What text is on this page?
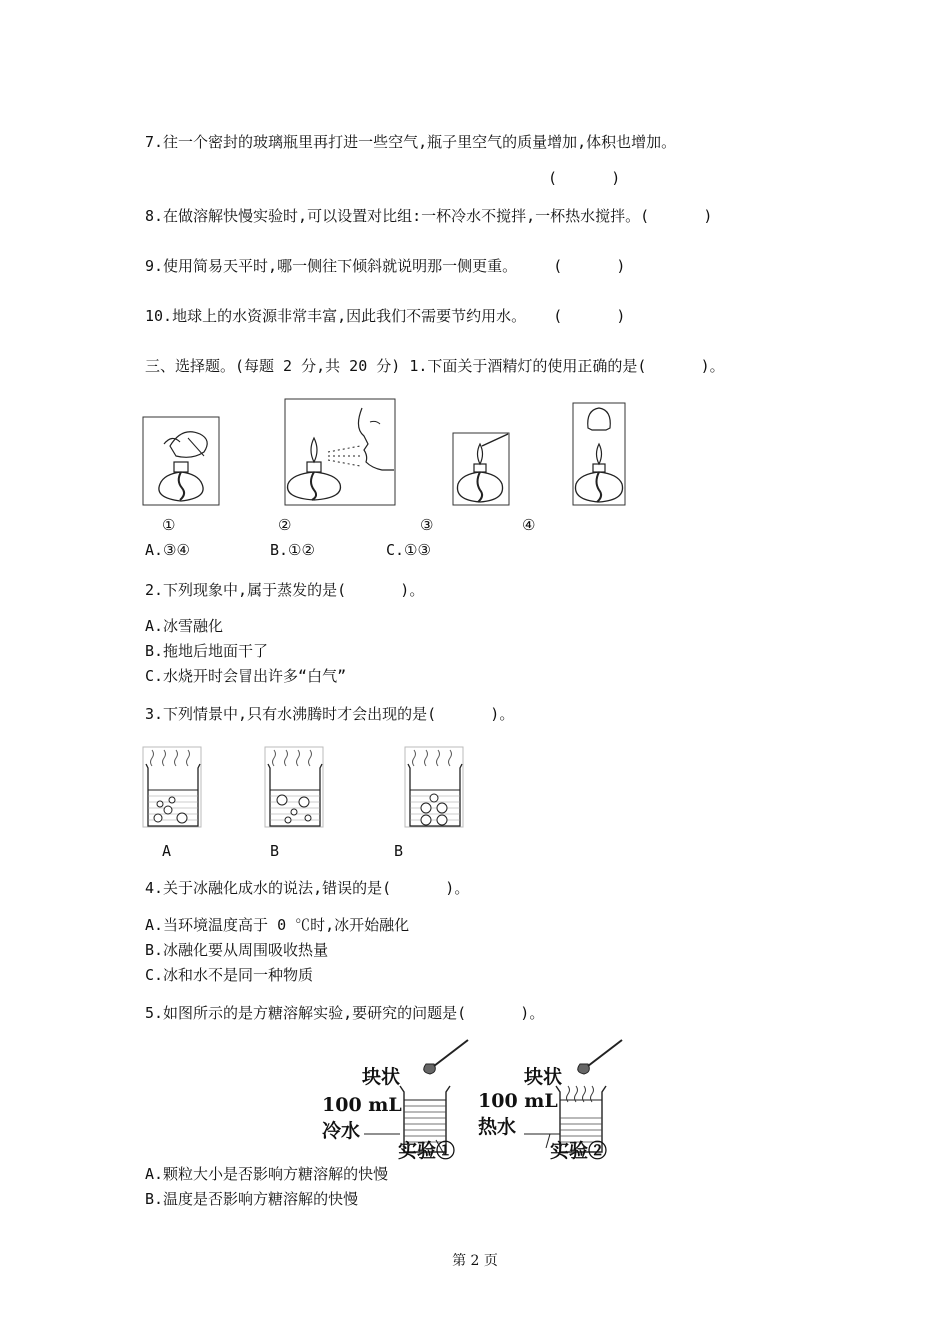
7.往一个密封的玻璃瓶里再打进一些空气,瓶子里空气的质量增加,体积也增加。
(      )
8.在做溶解快慢实验时,可以设置对比组:一杯冷水不搅拌,一杯热水搅拌。(      )
9.使用简易天平时,哪一侧往下倾斜就说明那一侧更重。    (      )
10.地球上的水资源非常丰富,因此我们不需要节约用水。   (      )
三、选择题。(每题 2 分,共 20 分) 1.下面关于酒精灯的使用正确的是(      )。
①	②	③	④
A.③④	B.①②	C.①③
2.下列现象中,属于蒸发的是(      )。
A.冰雪融化
B.拖地后地面干了
C.水烧开时会冒出许多“白气”
3.下列情景中,只有水沸腾时才会出现的是(      )。
A	B	B
4.关于冰融化成水的说法,错误的是(      )。
A.当环境温度高于 0 ℃时,冰开始融化
B.冰融化要从周围吸收热量
C.冰和水不是同一种物质
5.如图所示的是方糖溶解实验,要研究的问题是(      )。
块状
100 mL
冷水
实验①
块状
100 mL
热水
实验②
A.颗粒大小是否影响方糖溶解的快慢
B.温度是否影响方糖溶解的快慢
第 2 页
